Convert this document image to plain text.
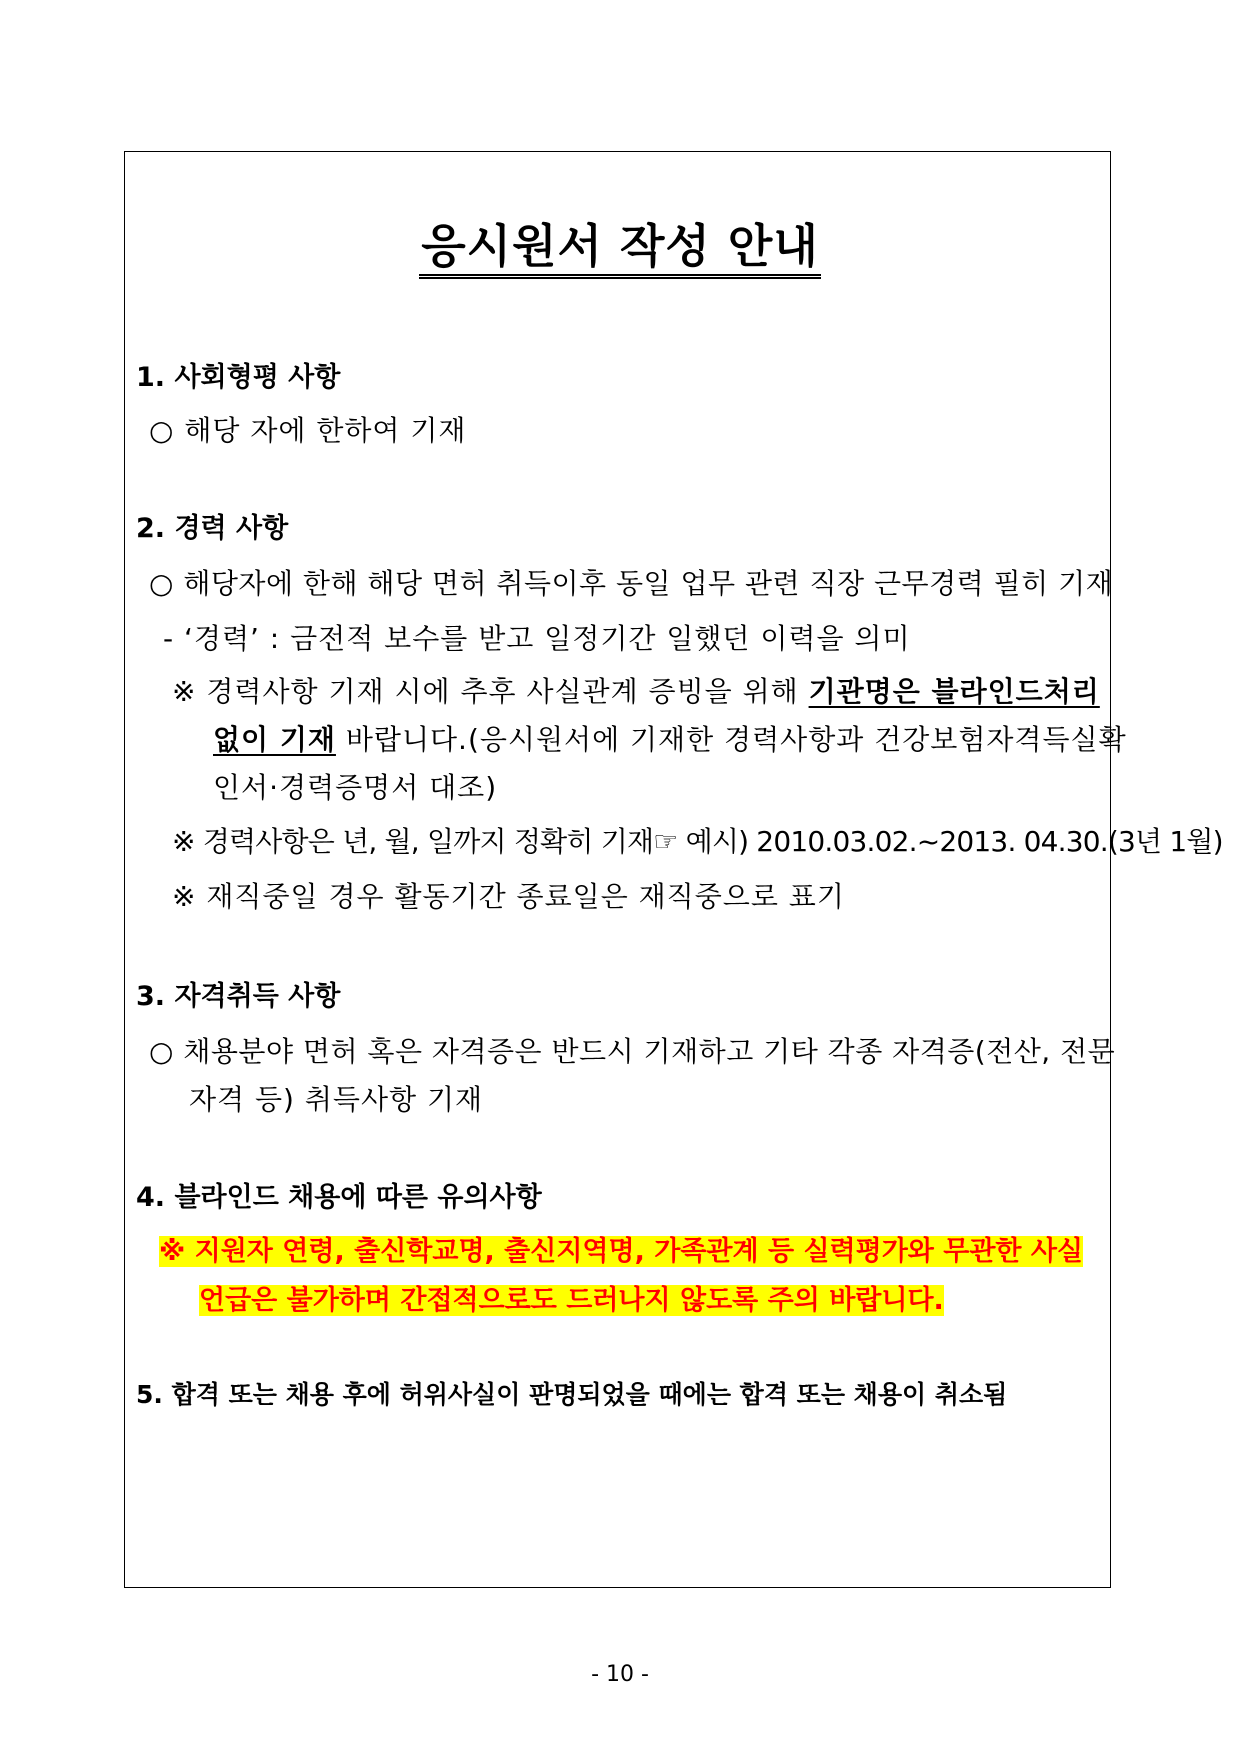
응시원서 작성 안내
1. 사회형평 사항
○ 해당 자에 한하여 기재
2. 경력 사항
○ 해당자에 한해 해당 면허 취득이후 동일 업무 관련 직장 근무경력 필히 기재
- ‘경력’ : 금전적 보수를 받고 일정기간 일했던 이력을 의미
※ 경력사항 기재 시에 추후 사실관계 증빙을 위해 기관명은 블라인드처리
없이 기재 바랍니다.(응시원서에 기재한 경력사항과 건강보험자격득실확
인서·경력증명서 대조)
※ 경력사항은 년, 월, 일까지 정확히 기재☞ 예시) 2010.03.02.~2013. 04.30.(3년 1월)
※ 재직중일 경우 활동기간 종료일은 재직중으로 표기
3. 자격취득 사항
○ 채용분야 면허 혹은 자격증은 반드시 기재하고 기타 각종 자격증(전산, 전문
자격 등) 취득사항 기재
4. 블라인드 채용에 따른 유의사항
※ 지원자 연령, 출신학교명, 출신지역명, 가족관계 등 실력평가와 무관한 사실
언급은 불가하며 간접적으로도 드러나지 않도록 주의 바랍니다.
5. 합격 또는 채용 후에 허위사실이 판명되었을 때에는 합격 또는 채용이 취소됨
- 10 -
